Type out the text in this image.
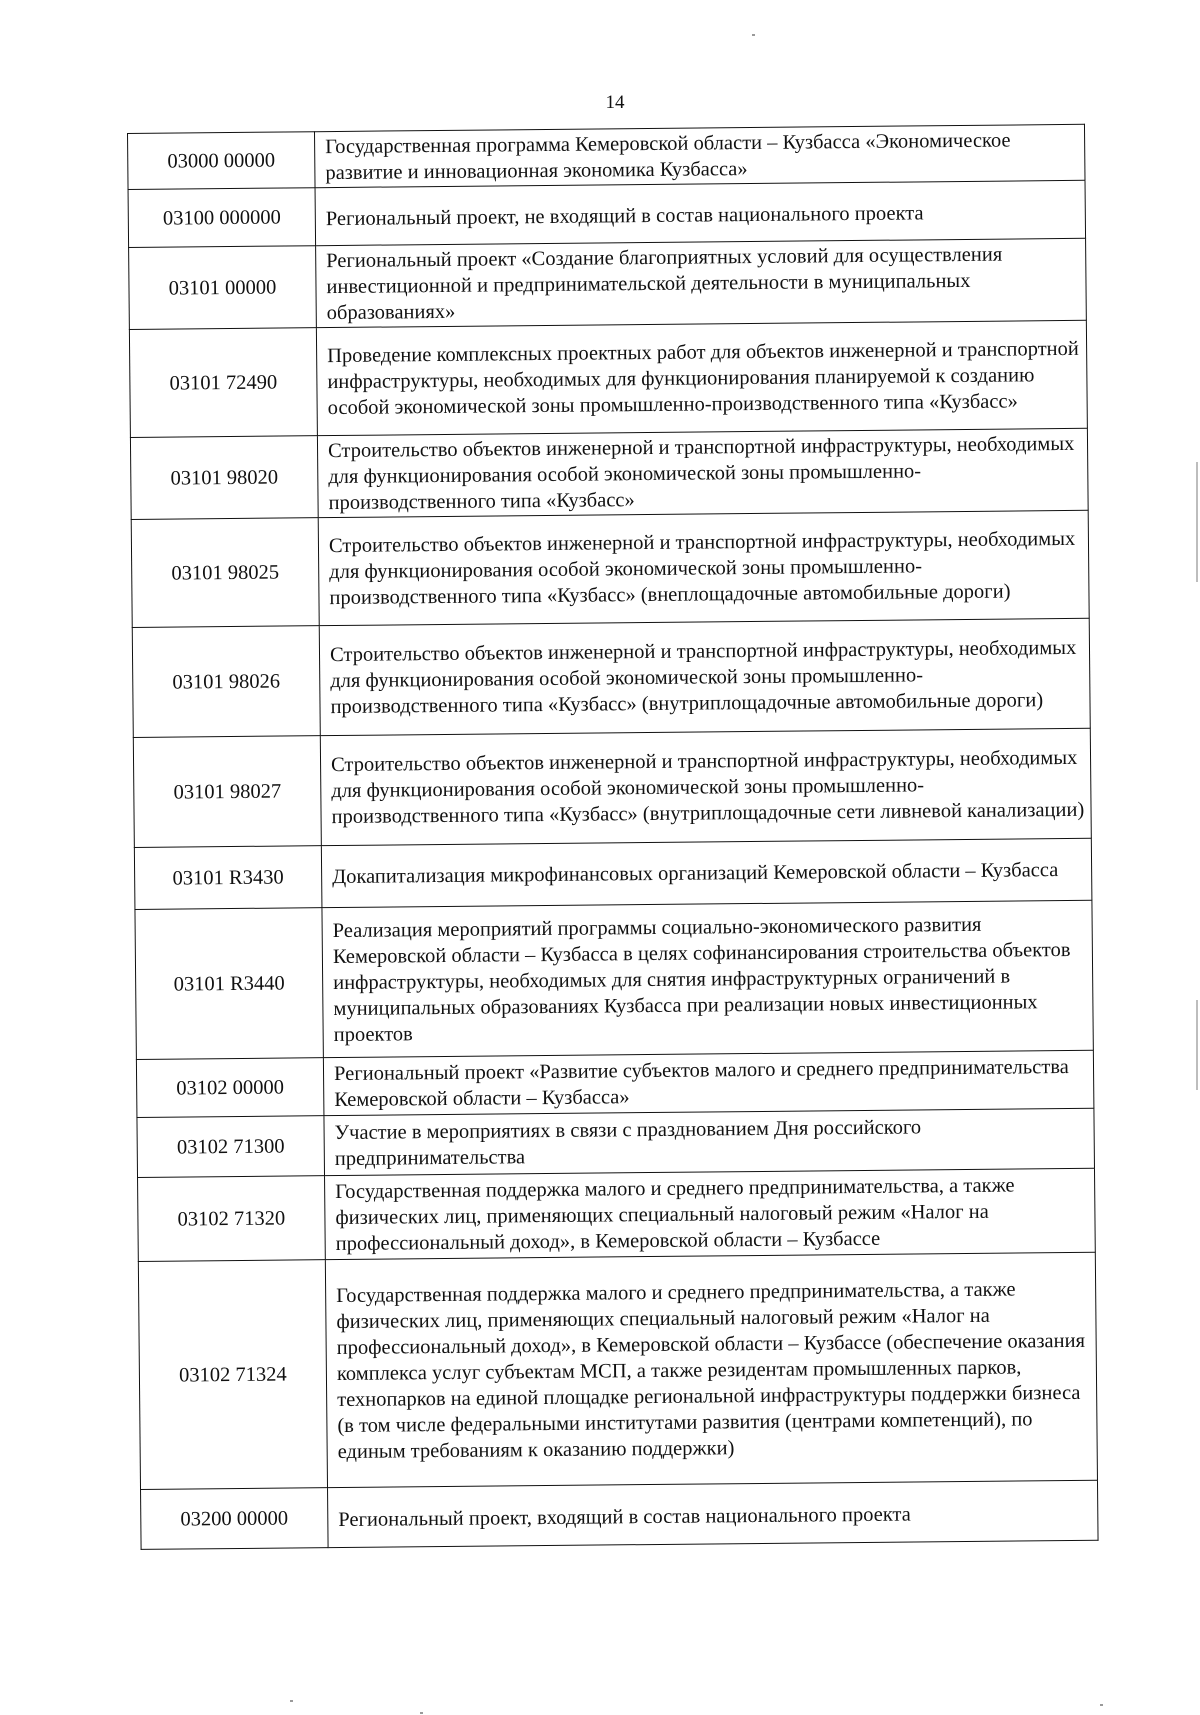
14
03000 00000	Государственная программа Кемеровской области – Кузбасса «Экономическое развитие и инновационная экономика Кузбасса»
03100 000000	Региональный проект, не входящий в состав национального проекта
03101 00000	Региональный проект «Создание благоприятных условий для осуществления инвестиционной и предпринимательской деятельности в муниципальных образованиях»
03101 72490	Проведение комплексных проектных работ для объектов инженерной и транспортной инфраструктуры, необходимых для функционирования планируемой к созданию особой экономической зоны промышленно-производственного типа «Кузбасс»
03101 98020	Строительство объектов инженерной и транспортной инфраструктуры, необходимых для функционирования особой экономической зоны промышленно-производственного типа «Кузбасс»
03101 98025	Строительство объектов инженерной и транспортной инфраструктуры, необходимых для функционирования особой экономической зоны промышленно-производственного типа «Кузбасс» (внеплощадочные автомобильные дороги)
03101 98026	Строительство объектов инженерной и транспортной инфраструктуры, необходимых для функционирования особой экономической зоны промышленно-производственного типа «Кузбасс» (внутриплощадочные автомобильные дороги)
03101 98027	Строительство объектов инженерной и транспортной инфраструктуры, необходимых для функционирования особой экономической зоны промышленно-производственного типа «Кузбасс» (внутриплощадочные сети ливневой канализации)
03101 R3430	Докапитализация микрофинансовых организаций Кемеровской области – Кузбасса
03101 R3440	Реализация мероприятий программы социально-экономического развития Кемеровской области – Кузбасса в целях софинансирования строительства объектов инфраструктуры, необходимых для снятия инфраструктурных ограничений в муниципальных образованиях Кузбасса при реализации новых инвестиционных проектов
03102 00000	Региональный проект «Развитие субъектов малого и среднего предпринимательства Кемеровской области – Кузбасса»
03102 71300	Участие в мероприятиях в связи с празднованием Дня российского предпринимательства
03102 71320	Государственная поддержка малого и среднего предпринимательства, а также физических лиц, применяющих специальный налоговый режим «Налог на профессиональный доход», в Кемеровской области – Кузбассе
03102 71324	Государственная поддержка малого и среднего предпринимательства, а также физических лиц, применяющих специальный налоговый режим «Налог на профессиональный доход», в Кемеровской области – Кузбассе (обеспечение оказания комплекса услуг субъектам МСП, а также резидентам промышленных парков, технопарков на единой площадке региональной инфраструктуры поддержки бизнеса (в том числе федеральными институтами развития (центрами компетенций), по единым требованиям к оказанию поддержки)
03200 00000	Региональный проект, входящий в состав национального проекта
